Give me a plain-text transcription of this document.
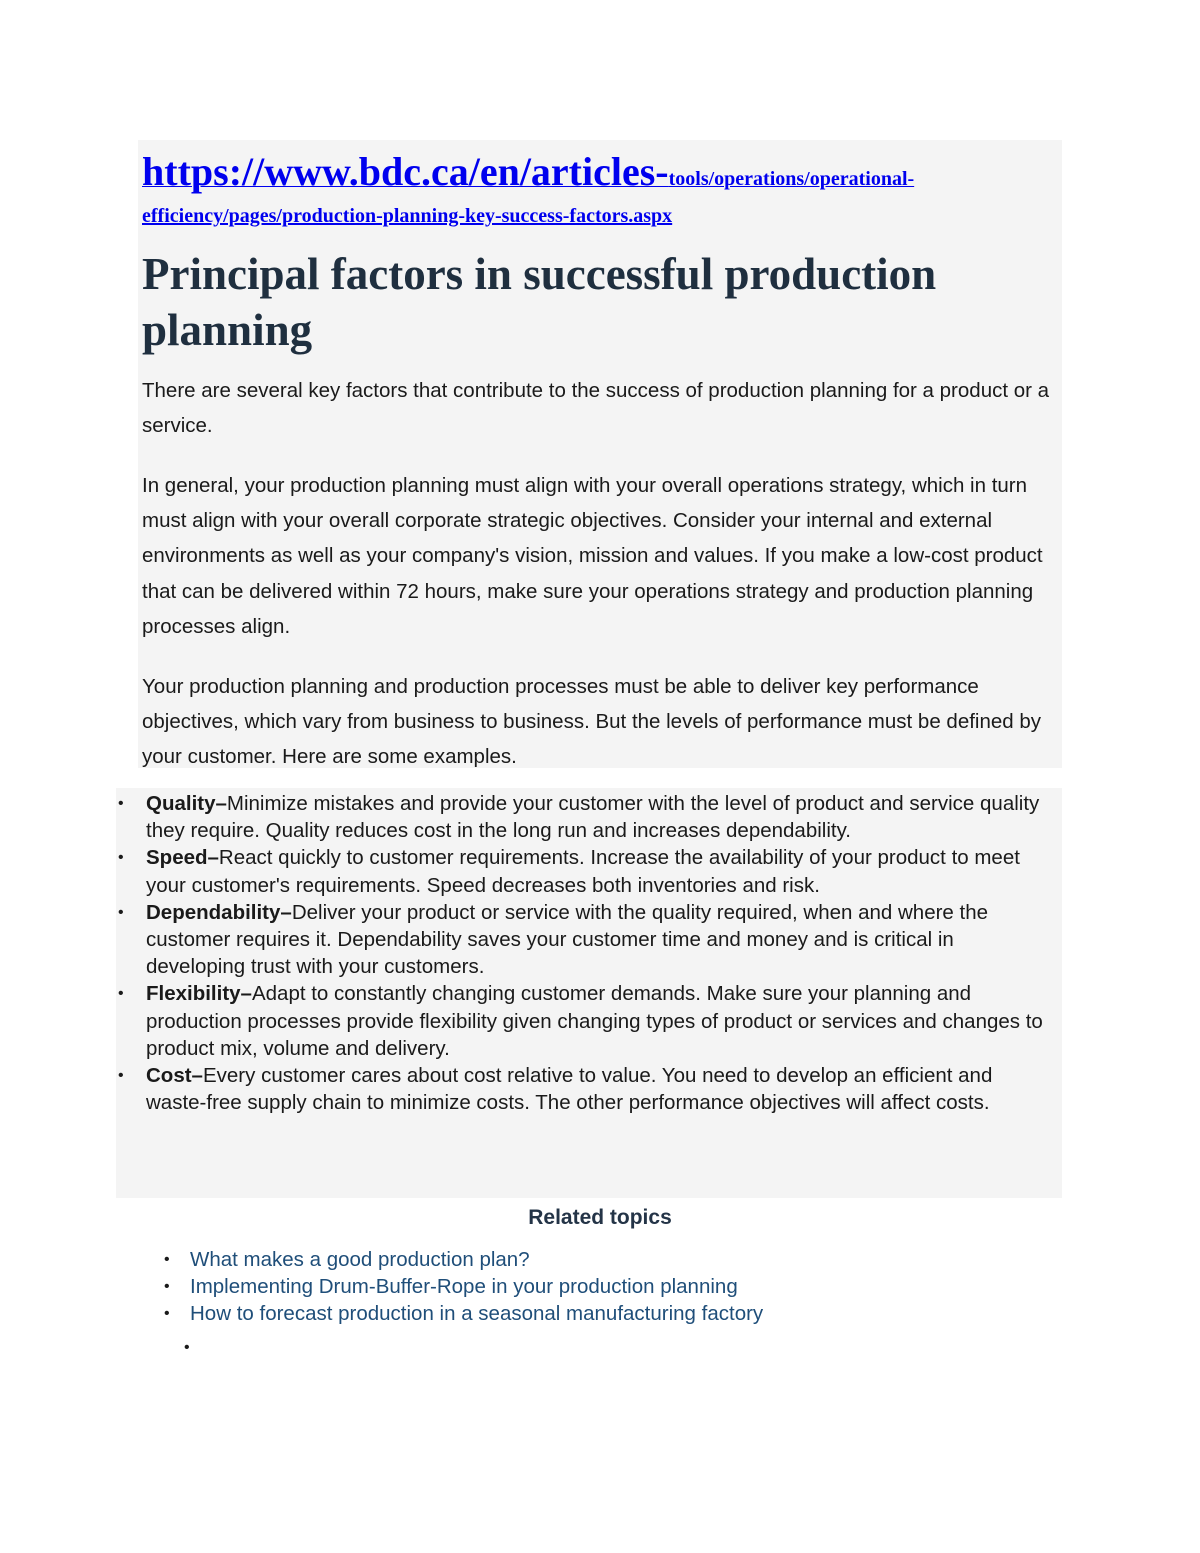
https://www.bdc.ca/en/articles-tools/operations/operational-
efficiency/pages/production-planning-key-success-factors.aspx
Principal factors in successful production planning

There are several key factors that contribute to the success of production planning for a product or a service.

In general, your production planning must align with your overall operations strategy, which in turn must align with your overall corporate strategic objectives. Consider your internal and external environments as well as your company's vision, mission and values. If you make a low-cost product that can be delivered within 72 hours, make sure your operations strategy and production planning processes align.

Your production planning and production processes must be able to deliver key performance objectives, which vary from business to business. But the levels of performance must be defined by your customer. Here are some examples.

• Quality–Minimize mistakes and provide your customer with the level of product and service quality they require. Quality reduces cost in the long run and increases dependability.
• Speed–React quickly to customer requirements. Increase the availability of your product to meet your customer's requirements. Speed decreases both inventories and risk.
• Dependability–Deliver your product or service with the quality required, when and where the customer requires it. Dependability saves your customer time and money and is critical in developing trust with your customers.
• Flexibility–Adapt to constantly changing customer demands. Make sure your planning and production processes provide flexibility given changing types of product or services and changes to product mix, volume and delivery.
• Cost–Every customer cares about cost relative to value. You need to develop an efficient and waste-free supply chain to minimize costs. The other performance objectives will affect costs.
Related topics
• What makes a good production plan?
• Implementing Drum-Buffer-Rope in your production planning
• How to forecast production in a seasonal manufacturing factory
•
